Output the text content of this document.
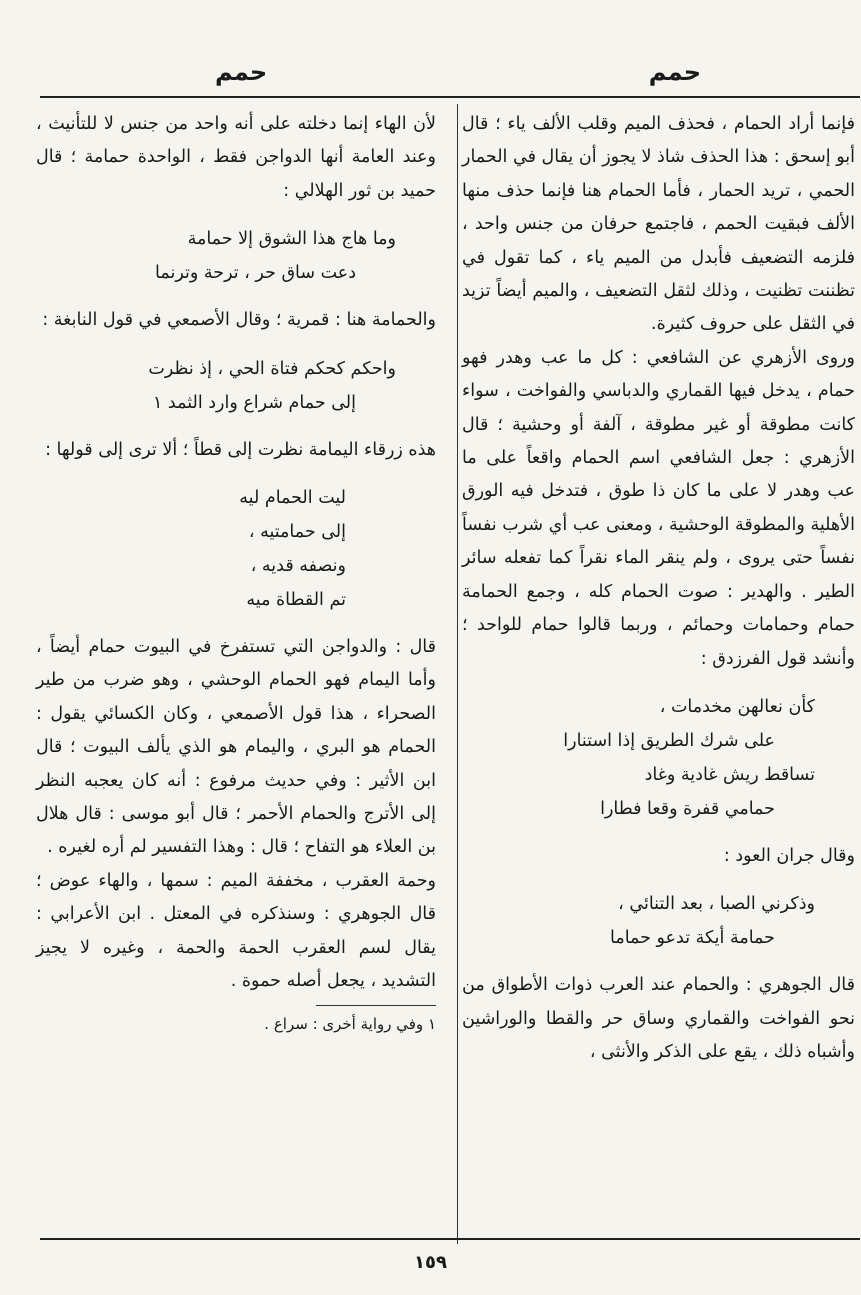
حمم
حمم

فإنما أراد الحمام ، فحذف الميم وقلب الألف ياء ؛ قال أبو إسحق : هذا الحذف شاذ لا يجوز أن يقال في الحمار الحمي ، تريد الحمار ، فأما الحمام هنا فإنما حذف منها الألف فبقيت الحمم ، فاجتمع حرفان من جنس واحد ، فلزمه التضعيف فأبدل من الميم ياء ، كما تقول في تظننت تظنيت ، وذلك لثقل التضعيف ، والميم أيضاً تزيد في الثقل على حروف كثيرة.

وروى الأزهري عن الشافعي : كل ما عب وهدر فهو حمام ، يدخل فيها القماري والدباسي والفواخت ، سواء كانت مطوقة أو غير مطوقة ، آلفة أو وحشية ؛ قال الأزهري : جعل الشافعي اسم الحمام واقعاً على ما عب وهدر لا على ما كان ذا طوق ، فتدخل فيه الورق الأهلية والمطوقة الوحشية ، ومعنى عب أي شرب نفساً نفساً حتى يروى ، ولم ينقر الماء نقراً كما تفعله سائر الطير . والهدير : صوت الحمام كله ، وجمع الحمامة حمام وحمامات وحمائم ، وربما قالوا حمام للواحد ؛ وأنشد قول الفرزدق :

كأن نعالهن مخدمات ،
على شرك الطريق إذا استنارا
تساقط ريش غادية وغاد
حمامي قفرة وقعا فطارا

وقال جران العود :

وذكرني الصبا ، بعد التنائي ،
حمامة أيكة تدعو حماما

قال الجوهري : والحمام عند العرب ذوات الأطواق من نحو الفواخت والقماري وساق حر والقطا والوراشين وأشباه ذلك ، يقع على الذكر والأنثى ،

لأن الهاء إنما دخلته على أنه واحد من جنس لا للتأنيث ، وعند العامة أنها الدواجن فقط ، الواحدة حمامة ؛ قال حميد بن ثور الهلالي :

وما هاج هذا الشوق إلا حمامة
دعت ساق حر ، ترحة وترنما

والحمامة هنا : قمرية ؛ وقال الأصمعي في قول النابغة :

واحكم كحكم فتاة الحي ، إذ نظرت
إلى حمام شراع وارد الثمد ١

هذه زرقاء اليمامة نظرت إلى قطاً ؛ ألا ترى إلى قولها :

ليت الحمام ليه
إلى حمامتيه ،
ونصفه قديه ،
تم القطاة ميه

قال : والدواجن التي تستفرخ في البيوت حمام أيضاً ، وأما اليمام فهو الحمام الوحشي ، وهو ضرب من طير الصحراء ، هذا قول الأصمعي ، وكان الكسائي يقول : الحمام هو البري ، واليمام هو الذي يألف البيوت ؛ قال ابن الأثير : وفي حديث مرفوع : أنه كان يعجبه النظر إلى الأترج والحمام الأحمر ؛ قال أبو موسى : قال هلال بن العلاء هو التفاح ؛ قال : وهذا التفسير لم أره لغيره .

وحمة العقرب ، مخففة الميم : سمها ، والهاء عوض ؛ قال الجوهري : وسنذكره في المعتل . ابن الأعرابي : يقال لسم العقرب الحمة والحمة ، وغيره لا يجيز التشديد ، يجعل أصله حموة .

١ وفي رواية أخرى : سراع .

١٥٩
